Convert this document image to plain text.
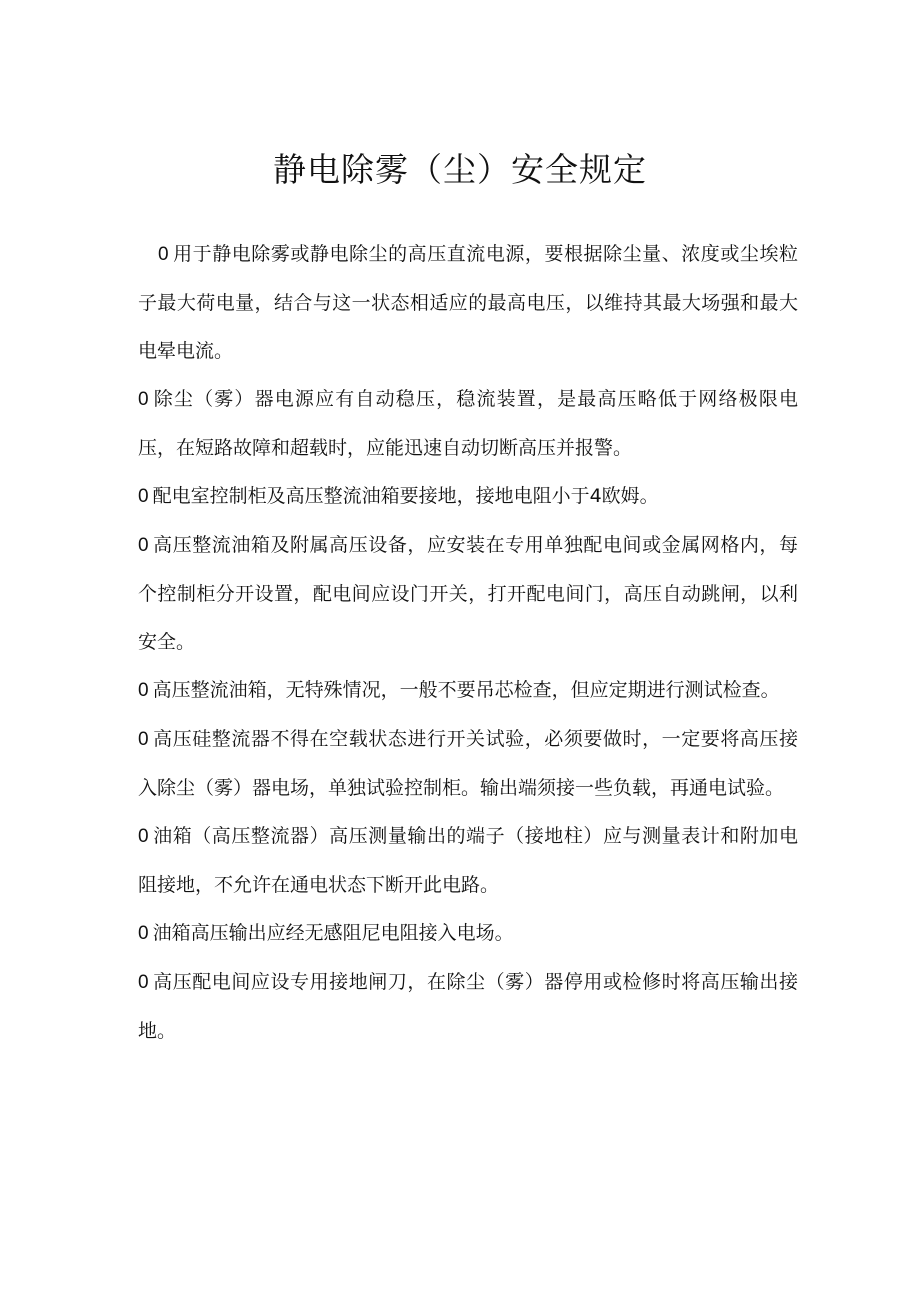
静电除雾（尘）安全规定

0 用于静电除雾或静电除尘的高压直流电源，要根据除尘量、浓度或尘埃粒子最大荷电量，结合与这一状态相适应的最高电压，以维持其最大场强和最大电晕电流。

0 除尘（雾）器电源应有自动稳压，稳流装置，是最高压略低于网络极限电压，在短路故障和超载时，应能迅速自动切断高压并报警。

0 配电室控制柜及高压整流油箱要接地，接地电阻小于4欧姆。

0 高压整流油箱及附属高压设备，应安装在专用单独配电间或金属网格内，每个控制柜分开设置，配电间应设门开关，打开配电间门，高压自动跳闸，以利安全。

0 高压整流油箱，无特殊情况，一般不要吊芯检查，但应定期进行测试检查。

0 高压硅整流器不得在空载状态进行开关试验，必须要做时，一定要将高压接入除尘（雾）器电场，单独试验控制柜。输出端须接一些负载，再通电试验。

0 油箱（高压整流器）高压测量输出的端子（接地柱）应与测量表计和附加电阻接地，不允许在通电状态下断开此电路。

0 油箱高压输出应经无感阻尼电阻接入电场。

0 高压配电间应设专用接地闸刀，在除尘（雾）器停用或检修时将高压输出接地。
